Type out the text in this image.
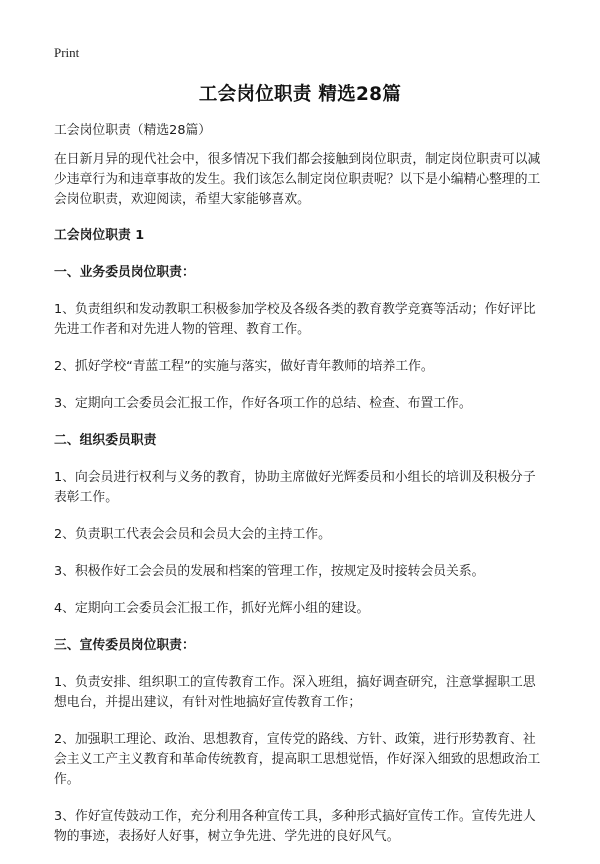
Print
工会岗位职责 精选28篇

工会岗位职责（精选28篇）

在日新月异的现代社会中，很多情况下我们都会接触到岗位职责，制定岗位职责可以减少违章行为和违章事故的发生。我们该怎么制定岗位职责呢？以下是小编精心整理的工会岗位职责，欢迎阅读，希望大家能够喜欢。

工会岗位职责 1

一、业务委员岗位职责：

1、负责组织和发动教职工积极参加学校及各级各类的教育教学竞赛等活动；作好评比先进工作者和对先进人物的管理、教育工作。

2、抓好学校“青蓝工程”的实施与落实，做好青年教师的培养工作。

3、定期向工会委员会汇报工作，作好各项工作的总结、检查、布置工作。

二、组织委员职责

1、向会员进行权利与义务的教育，协助主席做好光辉委员和小组长的培训及积极分子表彰工作。

2、负责职工代表会会员和会员大会的主持工作。

3、积极作好工会会员的发展和档案的管理工作，按规定及时接转会员关系。

4、定期向工会委员会汇报工作，抓好光辉小组的建设。

三、宣传委员岗位职责：

1、负责安排、组织职工的宣传教育工作。深入班组，搞好调查研究，注意掌握职工思想电台，并提出建议，有针对性地搞好宣传教育工作；

2、加强职工理论、政治、思想教育，宣传党的路线、方针、政策，进行形势教育、社会主义工产主义教育和革命传统教育，提高职工思想觉悟，作好深入细致的思想政治工作。

3、作好宣传鼓动工作，充分利用各种宣传工具，多种形式搞好宣传工作。宣传先进人物的事迹，表扬好人好事，树立争先进、学先进的良好风气。
